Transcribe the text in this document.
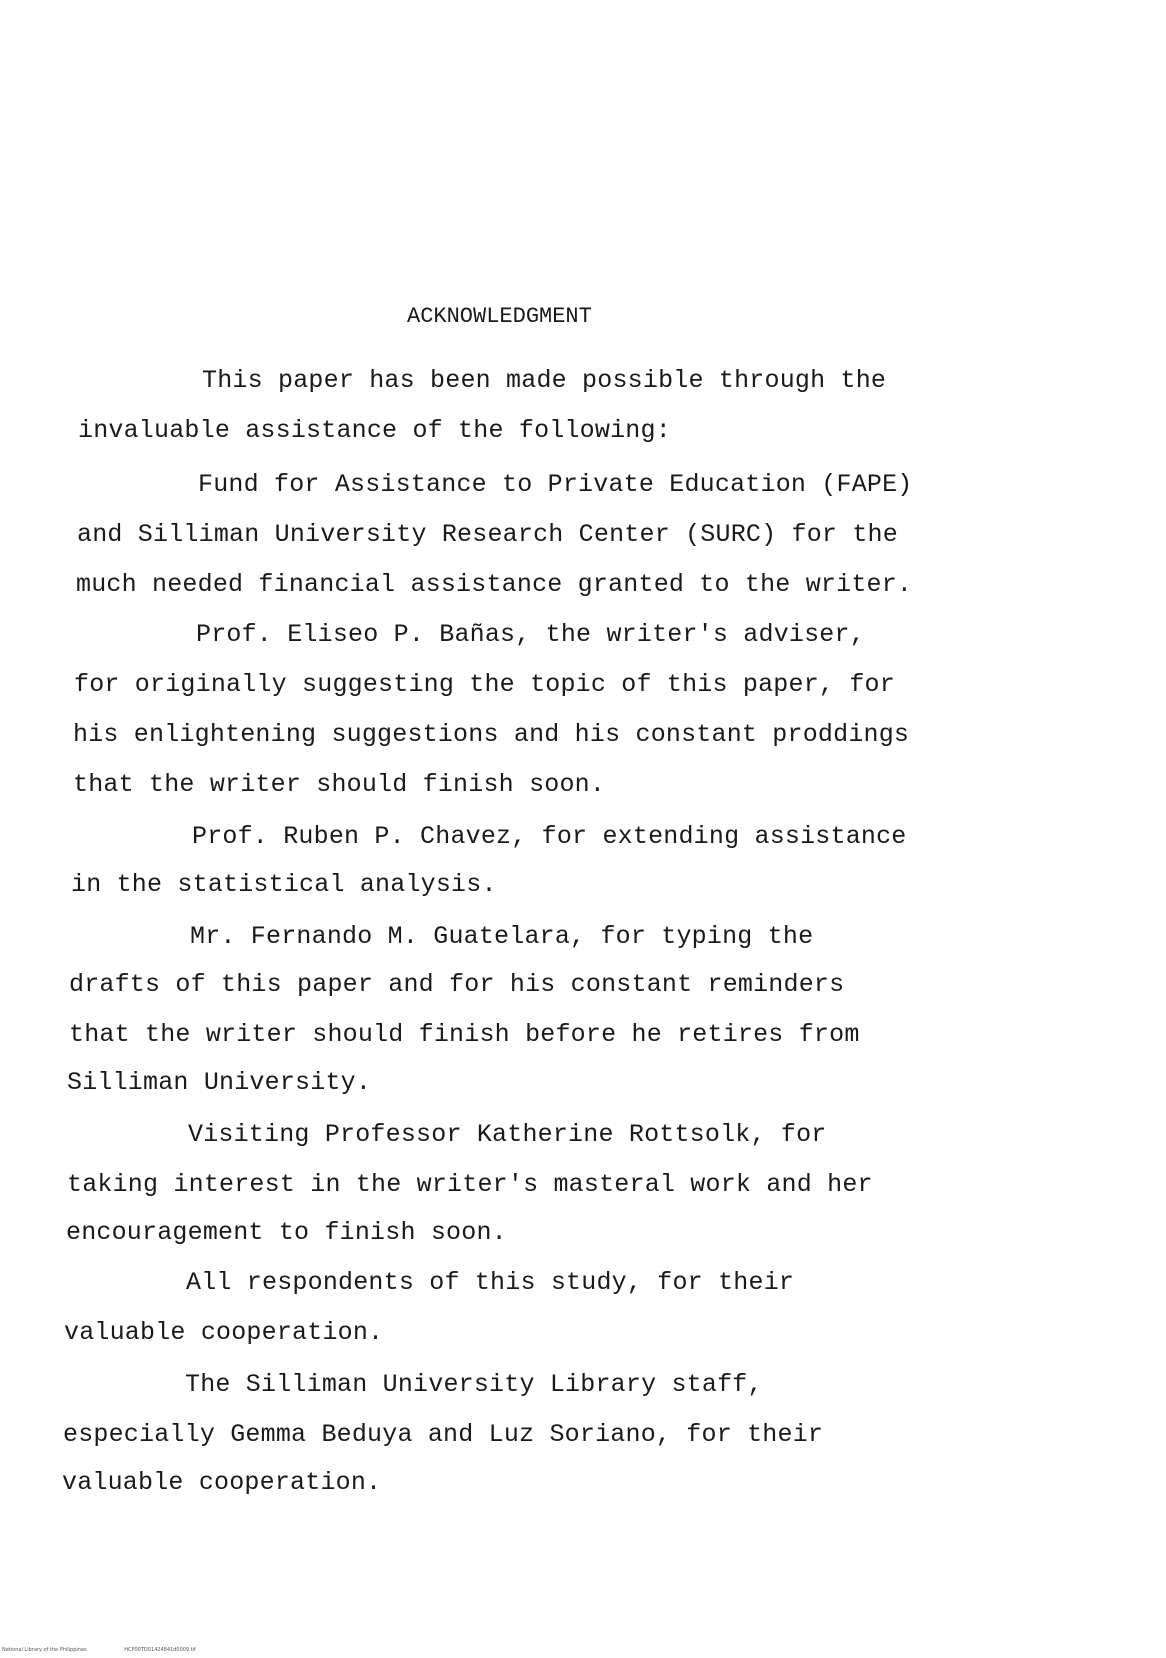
ACKNOWLEDGMENT
This paper has been made possible through the
invaluable assistance of the following:
Fund for Assistance to Private Education (FAPE)
and Silliman University Research Center (SURC) for the
much needed financial assistance granted to the writer.
Prof. Eliseo P. Bañas, the writer's adviser,
for originally suggesting the topic of this paper, for
his enlightening suggestions and his constant proddings
that the writer should finish soon.
Prof. Ruben P. Chavez, for extending assistance
in the statistical analysis.
Mr. Fernando M. Guatelara, for typing the
drafts of this paper and for his constant reminders
that the writer should finish before he retires from
Silliman University.
Visiting Professor Katherine Rottsolk, for
taking interest in the writer's masteral work and her
encouragement to finish soon.
All respondents of this study, for their
valuable cooperation.
The Silliman University Library staff,
especially Gemma Beduya and Luz Soriano, for their
valuable cooperation.
National Library of the Philippines	HCP00TD01424841d0009.tif
